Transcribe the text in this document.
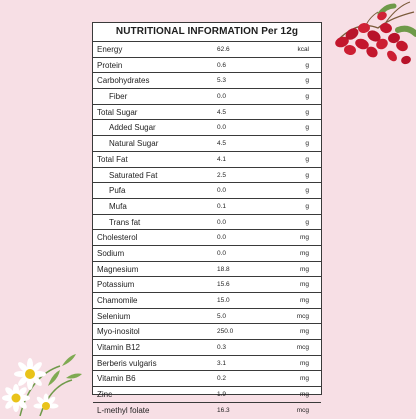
NUTRITIONAL INFORMATION Per 12g
Energy	62.6	kcal
Protein	0.6	g
Carbohydrates	5.3	g
Fiber	0.0	g
Total Sugar	4.5	g
Added Sugar	0.0	g
Natural Sugar	4.5	g
Total Fat	4.1	g
Saturated Fat	2.5	g
Pufa	0.0	g
Mufa	0.1	g
Trans fat	0.0	g
Cholesterol	0.0	mg
Sodium	0.0	mg
Magnesium	18.8	mg
Potassium	15.6	mg
Chamomile	15.0	mg
Selenium	5.0	mcg
Myo-inositol	250.0	mg
Vitamin B12	0.3	mcg
Berberis vulgaris	3.1	mg
Vitamin B6	0.2	mg
Zinc	1.9	mg
L-methyl folate	16.3	mcg
